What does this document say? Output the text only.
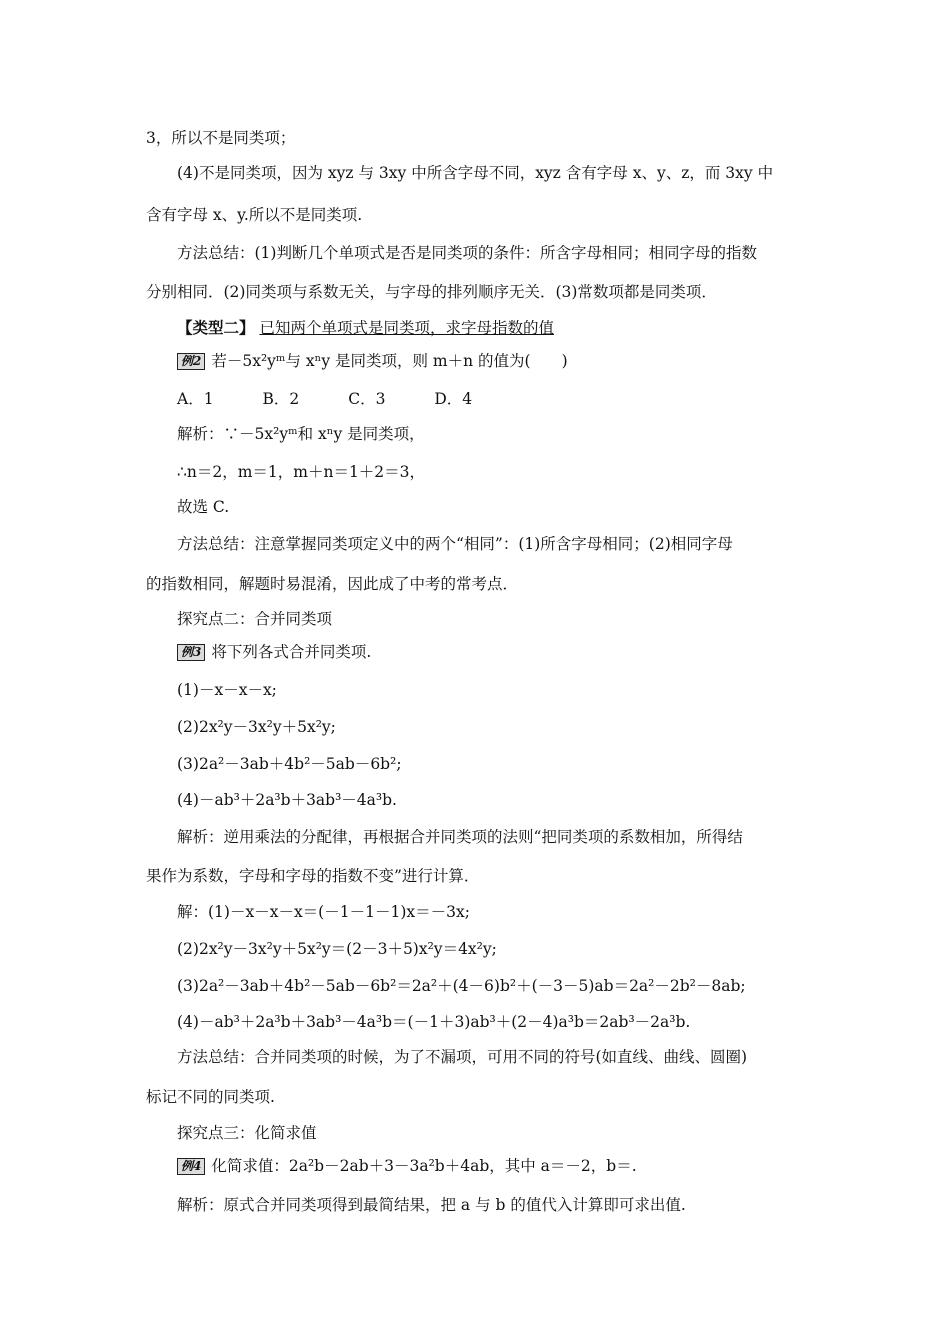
3，所以不是同类项；
(4)不是同类项，因为 xyz 与 3xy 中所含字母不同，xyz 含有字母 x、y、z，而 3xy 中
含有字母 x、y.所以不是同类项.
方法总结：(1)判断几个单项式是否是同类项的条件：所含字母相同；相同字母的指数
分别相同．(2)同类项与系数无关，与字母的排列顺序无关．(3)常数项都是同类项．
【类型二】 已知两个单项式是同类项，求字母指数的值
例2 若－5x²yᵐ与 xⁿy 是同类项，则 m＋n 的值为(　　)
A．1	B．2	C．3	D．4
解析：∵－5x²yᵐ和 xⁿy 是同类项，
∴n＝2，m＝1，m＋n＝1＋2＝3，
故选 C.
方法总结：注意掌握同类项定义中的两个“相同”：(1)所含字母相同；(2)相同字母
的指数相同，解题时易混淆，因此成了中考的常考点．
探究点二：合并同类项
例3 将下列各式合并同类项.
(1)－x－x－x;
(2)2x²y－3x²y＋5x²y;
(3)2a²－3ab＋4b²－5ab－6b²;
(4)－ab³＋2a³b＋3ab³－4a³b.
解析：逆用乘法的分配律，再根据合并同类项的法则“把同类项的系数相加，所得结
果作为系数，字母和字母的指数不变”进行计算．
解：(1)－x－x－x＝(－1－1－1)x＝－3x;
(2)2x²y－3x²y＋5x²y＝(2－3＋5)x²y＝4x²y;
(3)2a²－3ab＋4b²－5ab－6b²＝2a²＋(4－6)b²＋(－3－5)ab＝2a²－2b²－8ab;
(4)－ab³＋2a³b＋3ab³－4a³b＝(－1＋3)ab³＋(2－4)a³b＝2ab³－2a³b.
方法总结：合并同类项的时候，为了不漏项，可用不同的符号(如直线、曲线、圆圈)
标记不同的同类项.
探究点三：化简求值
例4 化简求值：2a²b－2ab＋3－3a²b＋4ab，其中 a＝－2，b＝.
解析：原式合并同类项得到最简结果，把 a 与 b 的值代入计算即可求出值.
